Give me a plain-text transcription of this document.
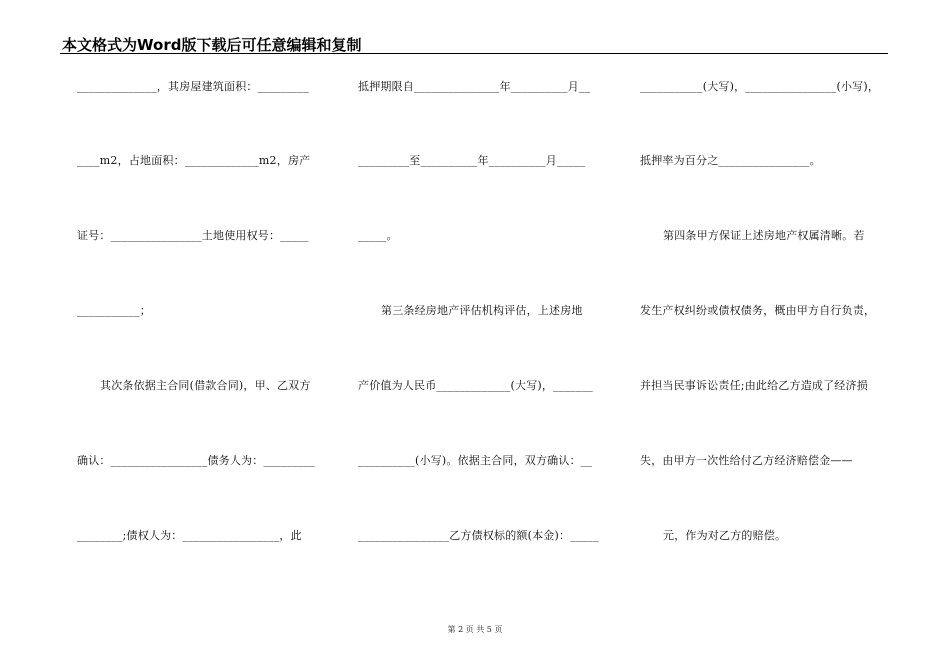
本文格式为Word版下载后可任意编辑和复制
______________，其房屋建筑面积：_________
____m2，占地面积：_____________m2，房产
证号：________________土地使用权号：_____
___________；
其次条依据主合同(借款合同)，甲、乙双方
确认：_________________债务人为：_________
________;债权人为：_________________，此
抵押期限自_______________年__________月__
_________至__________年__________月_____
_____。
第三条经房地产评估机构评估，上述房地
产价值为人民币_____________(大写)，_______
__________(小写)。依据主合同，双方确认：__
________________乙方债权标的额(本金)：_____
___________(大写)，________________(小写)，
抵押率为百分之________________。
第四条甲方保证上述房地产权属清晰。若
发生产权纠纷或债权债务，概由甲方自行负责，
并担当民事诉讼责任;由此给乙方造成了经济损
失，由甲方一次性给付乙方经济赔偿金——
元，作为对乙方的赔偿。
第 2 页 共 5 页
